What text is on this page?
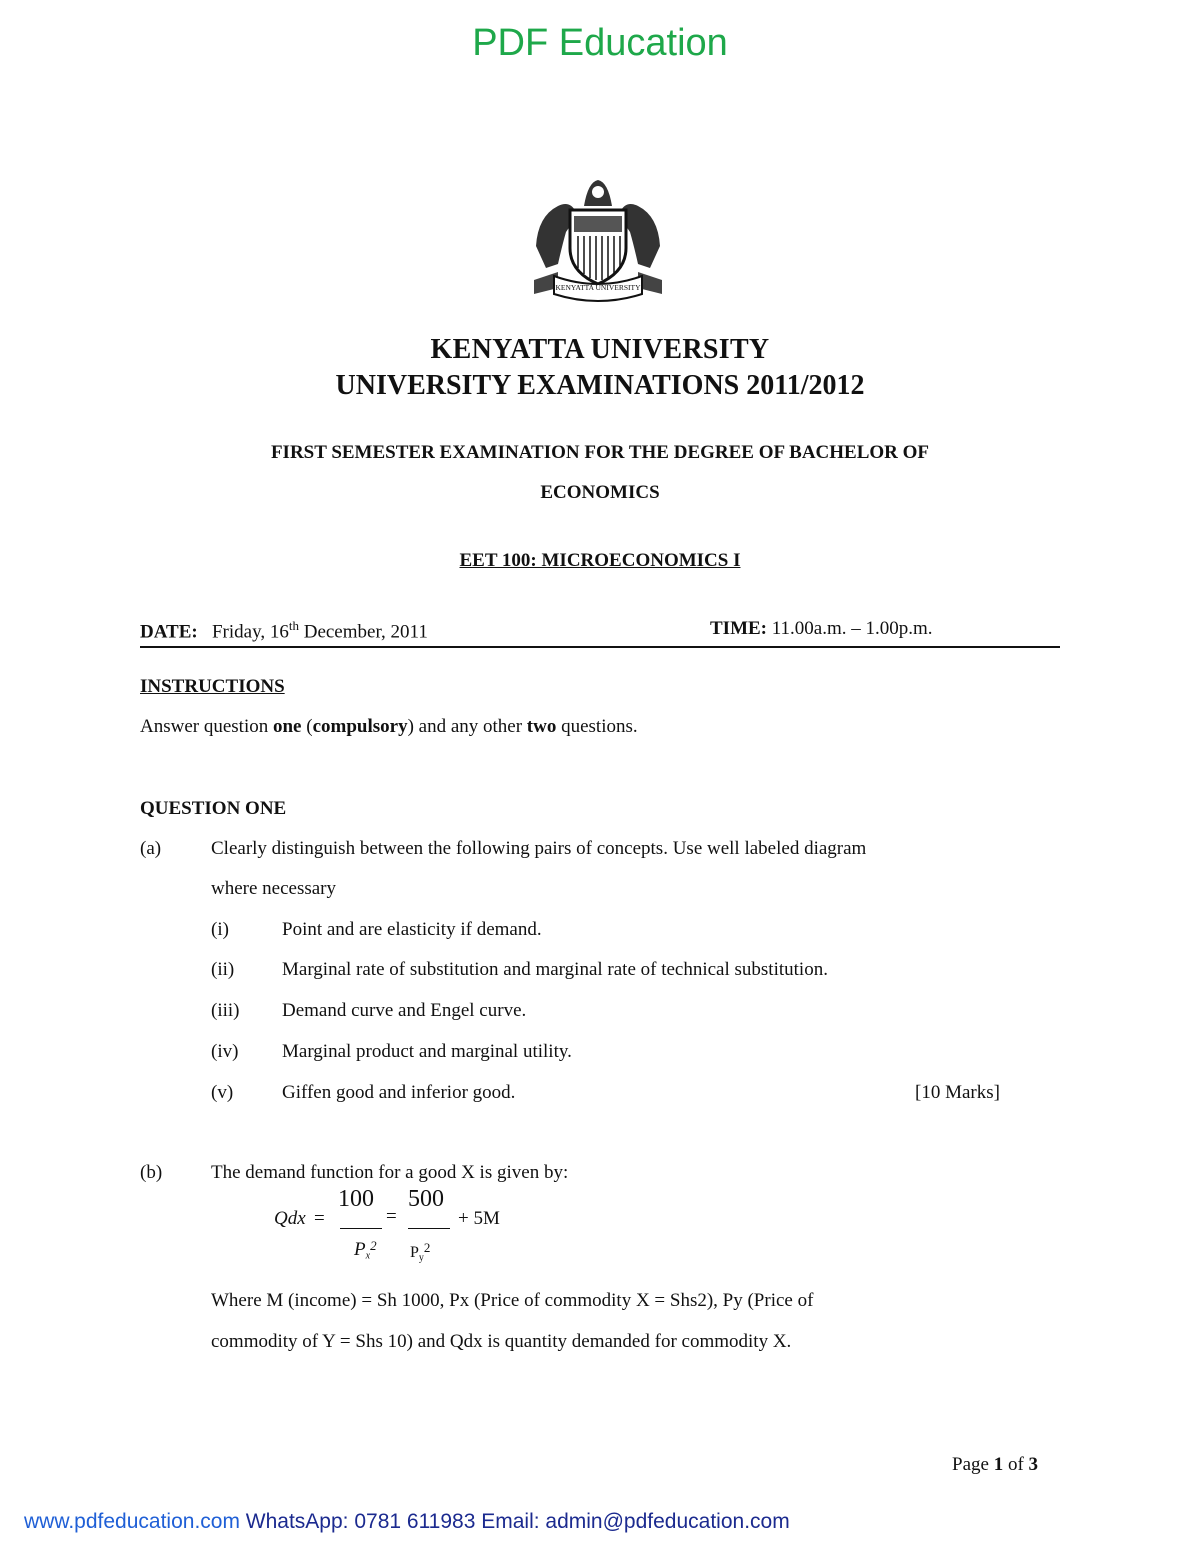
PDF Education
KENYATTA UNIVERSITY
KENYATTA UNIVERSITY
UNIVERSITY EXAMINATIONS 2011/2012
FIRST SEMESTER EXAMINATION FOR THE DEGREE OF BACHELOR OF
ECONOMICS
EET 100: MICROECONOMICS I
DATE: Friday, 16th December, 2011	TIME: 11.00a.m. – 1.00p.m.
INSTRUCTIONS
Answer question one (compulsory) and any other two questions.
QUESTION ONE
(a)	Clearly distinguish between the following pairs of concepts. Use well labeled diagram
where necessary
(i)	Point and are elasticity if demand.
(ii)	Marginal rate of substitution and marginal rate of technical substitution.
(iii) Demand curve and Engel curve.
(iv) Marginal product and marginal utility.
(v)	Giffen good and inferior good.	[10 Marks]
(b)	The demand function for a good X is given by:
Qdx =
100
=
500
+ 5M
$P_x^2$ $P_y^2$
Where M (income) = Sh 1000, Px (Price of commodity X = Shs2), Py (Price of
commodity of Y = Shs 10) and Qdx is quantity demanded for commodity X.
Page 1 of 3
www.pdfeducation.com WhatsApp: 0781 611983 Email: admin@pdfeducation.com
